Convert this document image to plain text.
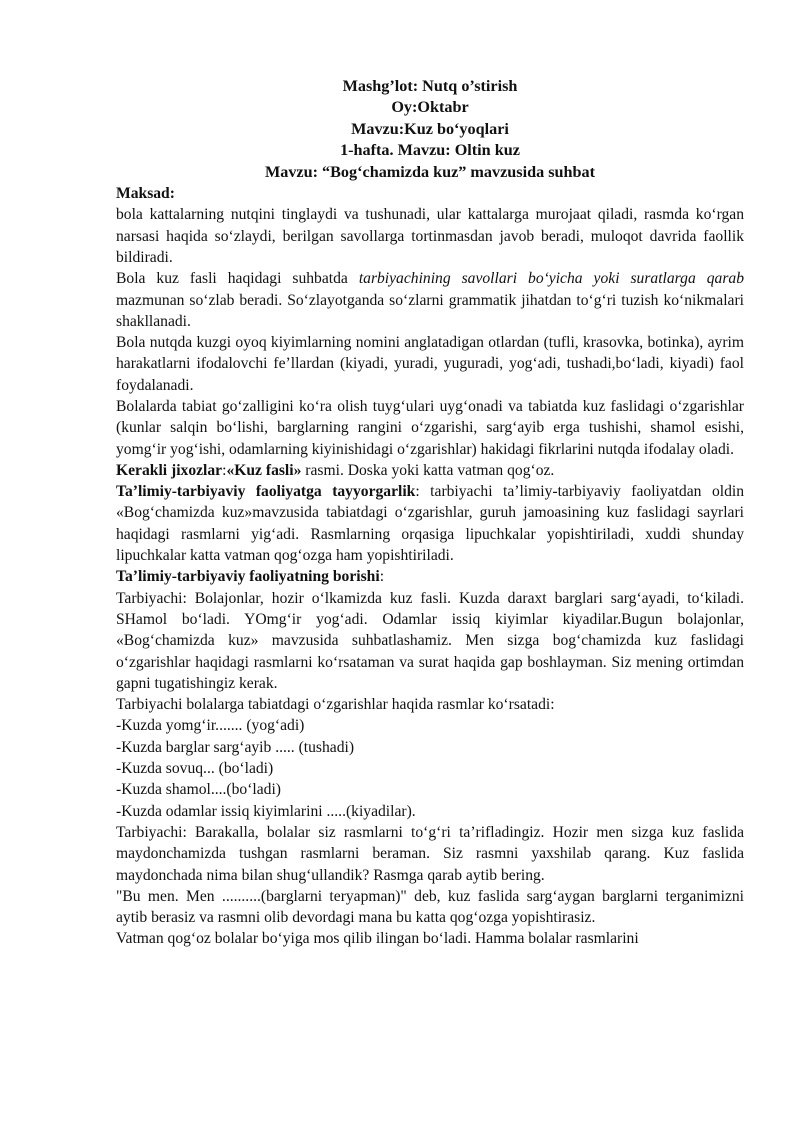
Mashg’lot: Nutq o’stirish
Oy:Oktabr
Mavzu:Kuz bo‘yoqlari
1-hafta. Mavzu: Oltin kuz
Mavzu: “Bog‘chamizda kuz” mavzusida suhbat

Maksad:

bola kattalarning nutqini tinglaydi va tushunadi, ular kattalarga murojaat qiladi, rasmda ko‘rgan narsasi haqida so‘zlaydi, berilgan savollarga tortinmasdan javob beradi, muloqot davrida faollik bildiradi.

Bola kuz fasli haqidagi suhbatda tarbiyachining savollari bo‘yicha yoki suratlarga qarab mazmunan so‘zlab beradi. So‘zlayotganda so‘zlarni grammatik jihatdan to‘g‘ri tuzish ko‘nikmalari shakllanadi.

Bola nutqda kuzgi oyoq kiyimlarning nomini anglatadigan otlardan (tufli, krasovka, botinka), ayrim harakatlarni ifodalovchi fe’llardan (kiyadi, yuradi, yuguradi, yog‘adi, tushadi,bo‘ladi, kiyadi) faol foydalanadi.

Bolalarda tabiat go‘zalligini ko‘ra olish tuyg‘ulari uyg‘onadi va tabiatda kuz faslidagi o‘zgarishlar (kunlar salqin bo‘lishi, barglarning rangini o‘zgarishi, sarg‘ayib erga tushishi, shamol esishi, yomg‘ir yog‘ishi, odamlarning kiyinishidagi o‘zgarishlar) hakidagi fikrlarini nutqda ifodalay oladi.

Kerakli jixozlar:«Kuz fasli» rasmi. Doska yoki katta vatman qog‘oz.

Ta’limiy-tarbiyaviy faoliyatga tayyorgarlik: tarbiyachi ta’limiy-tarbiyaviy faoliyatdan oldin «Bog‘chamizda kuz»mavzusida tabiatdagi o‘zgarishlar, guruh jamoasining kuz faslidagi sayrlari haqidagi rasmlarni yig‘adi. Rasmlarning orqasiga lipuchkalar yopishtiriladi, xuddi shunday lipuchkalar katta vatman qog‘ozga ham yopishtiriladi.

Ta’limiy-tarbiyaviy faoliyatning borishi:

Tarbiyachi: Bolajonlar, hozir o‘lkamizda kuz fasli. Kuzda daraxt barglari sarg‘ayadi, to‘kiladi. SHamol bo‘ladi. YOmg‘ir yog‘adi. Odamlar issiq kiyimlar kiyadilar.Bugun bolajonlar, «Bog‘chamizda kuz» mavzusida suhbatlashamiz. Men sizga bog‘chamizda kuz faslidagi o‘zgarishlar haqidagi rasmlarni ko‘rsataman va surat haqida gap boshlayman. Siz mening ortimdan gapni tugatishingiz kerak.

Tarbiyachi bolalarga tabiatdagi o‘zgarishlar haqida rasmlar ko‘rsatadi:

-Kuzda yomg‘ir....... (yog‘adi)

-Kuzda barglar sarg‘ayib ..... (tushadi)

-Kuzda sovuq... (bo‘ladi)

-Kuzda shamol....(bo‘ladi)

-Kuzda odamlar issiq kiyimlarini .....(kiyadilar).

Tarbiyachi: Barakalla, bolalar siz rasmlarni to‘g‘ri ta’rifladingiz. Hozir men sizga kuz faslida maydonchamizda tushgan rasmlarni beraman. Siz rasmni yaxshilab qarang. Kuz faslida maydonchada nima bilan shug‘ullandik? Rasmga qarab aytib bering.

"Bu men. Men ..........(barglarni teryapman)" deb, kuz faslida sarg‘aygan barglarni terganimizni aytib berasiz va rasmni olib devordagi mana bu katta qog‘ozga yopishtirasiz.

Vatman qog‘oz bolalar bo‘yiga mos qilib ilingan bo‘ladi. Hamma bolalar rasmlarini
